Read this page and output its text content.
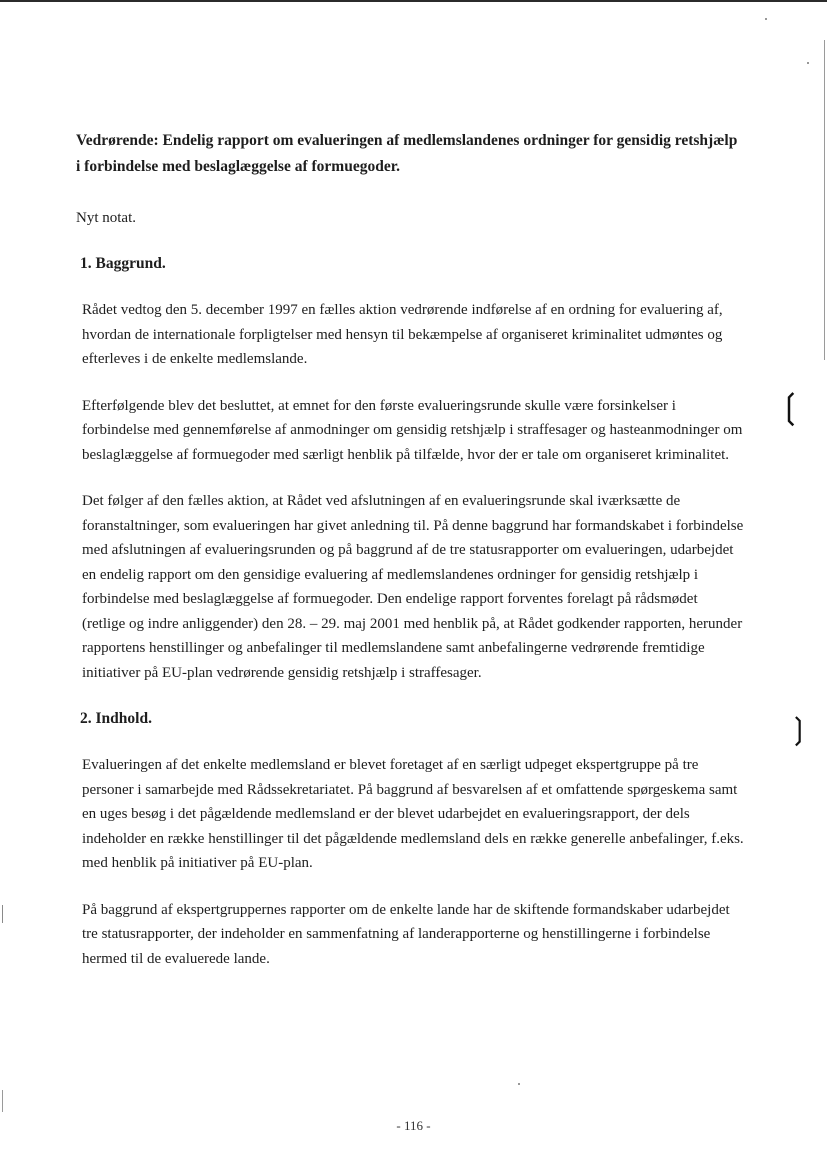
❲
❳

Vedrørende: Endelig rapport om evalueringen af medlemslandenes ordninger for gensidig retshjælp i forbindelse med beslaglæggelse af formuegoder.

Nyt notat.

1. Baggrund.

Rådet vedtog den 5. december 1997 en fælles aktion vedrørende indførelse af en ordning for evaluering af, hvordan de internationale forpligtelser med hensyn til bekæmpelse af organiseret kriminalitet udmøntes og efterleves i de enkelte medlemslande.

Efterfølgende blev det besluttet, at emnet for den første evalueringsrunde skulle være forsinkelser i forbindelse med gennemførelse af anmodninger om gensidig retshjælp i straffesager og hasteanmodninger om beslaglæggelse af formuegoder med særligt henblik på tilfælde, hvor der er tale om organiseret kriminalitet.

Det følger af den fælles aktion, at Rådet ved afslutningen af en evalueringsrunde skal iværksætte de foranstaltninger, som evalueringen har givet anledning til. På denne baggrund har formandskabet i forbindelse med afslutningen af evalueringsrunden og på baggrund af de tre statusrapporter om evalueringen, udarbejdet en endelig rapport om den gensidige evaluering af medlemslandenes ordninger for gensidig retshjælp i forbindelse med beslaglæggelse af formuegoder. Den endelige rapport forventes forelagt på rådsmødet (retlige og indre anliggender) den 28. – 29. maj 2001 med henblik på, at Rådet godkender rapporten, herunder rapportens henstillinger og anbefalinger til medlemslandene samt anbefalingerne vedrørende fremtidige initiativer på EU-plan vedrørende gensidig retshjælp i straffesager.

2. Indhold.

Evalueringen af det enkelte medlemsland er blevet foretaget af en særligt udpeget ekspertgruppe på tre personer i samarbejde med Rådssekretariatet. På baggrund af besvarelsen af et omfattende spørgeskema samt en uges besøg i det pågældende medlemsland er der blevet udarbejdet en evalueringsrapport, der dels indeholder en række henstillinger til det pågældende medlemsland dels en række generelle anbefalinger, f.eks. med henblik på initiativer på EU-plan.

På baggrund af ekspertgruppernes rapporter om de enkelte lande har de skiftende formandskaber udarbejdet tre statusrapporter, der indeholder en sammenfatning af landerapporterne og henstillingerne i forbindelse hermed til de evaluerede lande.

- 116 -
